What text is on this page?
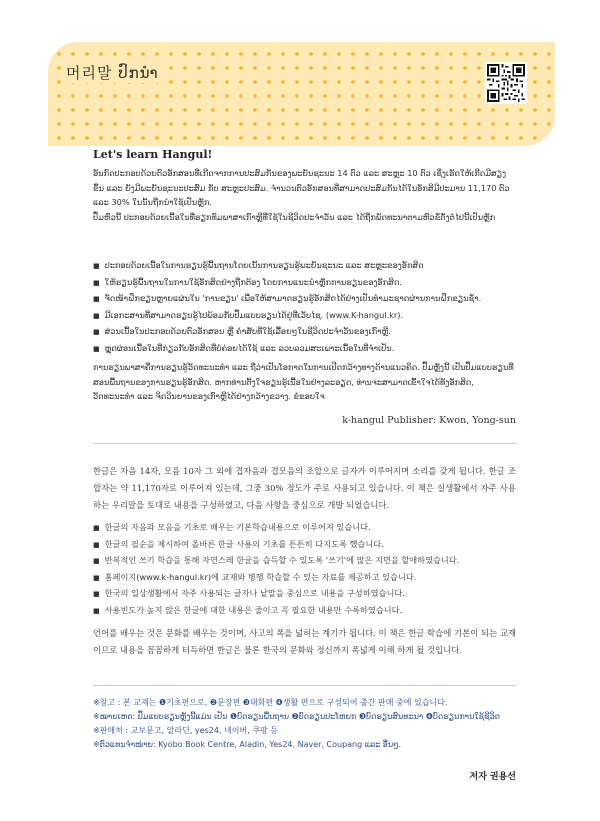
머리말 ປົກນຳ
Let's learn Hangul!

ອັນກົດປະກອບດ້ວຍຕົວອັກສອນທີ່ເກີດຈາກການປະສົມກັນຂອງພະຍັນຊະນະ 14 ຕົວ ແລະ ສະຫຼະ 10 ຕົວ ເຊິ່ງເຮັດໃຫ້ເກີດມີສຽງຂຶ້ນ ແລະ ຍັງມີພະຍັນຊະນະປະສົມ ກັບ ສະຫຼະປະສົມ. ຈຳນວນຕົວອັກສອນທີ່ສາມາດປະສົມກັນໄດ້ໃນອັກສິມີປະມານ 11,170 ຕົວ ແລະ 30% ໃນນັ້ນຖືກນຳໃຊ້ເປັນຫຼັກ.

ປຶ້ມຫົວນີ້ ປະກອບດ້ວຍເນື້ອໃນທີ່ຮຽກທົມພາສາເກົາຫຼີທີ່ໃຊ້ໃນຊີວິດປະຈຳວັນ ແລະ ໄດ້ຖືກພັດທະນາຕາມຫົວຂໍ້ດັ່ງຕໍ່ໄປນີ້ເປັນຫຼັກ

■ ປະກອບດ້ວຍເນື້ອໃນການຮຽນຮູ້ພື້ນຖານໂດຍເນັ້ນການຮຽນຮູ້ພະຍັນຊະນະ ແລະ ສະຫຼະຂອງອັກສິດ
■ ໃຫ້ຮຽນຮູ້ພື້ນຖານໃນການໃຊ້ອັກສິດຢ່າງຖືກຕ້ອງ ໂດຍການແນະນຳຫຼັກການຮຽນຂອງອັກສິດ.
■ ຈັດໜ້າຝຶກຂຽນຫຼາຍແຜ່ນໃນ 'ການຂຽນ' ເພື່ອໃຫ້ສາມາດຮຽນຮູ້ອັກສິດໄດ້ຢ່າງເປັນທຳມະຊາດຜ່ານການຝຶກຂຽນຊ້ຳ.
■ ມີເອກະສານທີ່ສາມາດຮຽນຮູ້ໄປພ້ອມກັບປຶ້ມແບບຮຽນໄດ້ຢູ່ທີ່ເວັບໄຊ. (www.K-hangul.kr).
■ ສ່ວນເນື້ອໃນປະກອບດ້ວຍຕົວອັກສອນ ຫຼື ຄຳສັບທີ່ໃຊ້ເລື້ອຍໆໃນຊີວິດປະຈຳວັນຂອງເກົາຫຼີ.
■ ຫຼຸດຜ່ອນເນື້ອໃນທີ່ກ່ຽວກັບອັກສິດທີ່ບໍ່ຄ່ອຍໄດ້ໃຊ້ ແລະ ລວບລວມສະເພາະເນື້ອໃນທີ່ຈຳເປັນ.

ການຮຽນພາສາຄືການຮຽນຮູ້ວັດທະນະທຳ ແລະ ຖືວ່າເປັນໂອກາດໃນການເປີດກວ້າງທາງດ້ານແນວຄິດ. ປຶ້ມຫຼັງນີ້ ເປັນປຶ້ມແບບຮຽນທີ່ສອນພື້ນຖານຂອງການຮຽນຮູ້ອັກສິດ. ຫາກທ່ານຕັ້ງໃຈຮຽນຮູ້ເນື້ອໃນຢ່າງລະອຽດ, ທ່ານຈະສາມາດເຂົ້າໃຈໄດ້ທັງອັກສິດ, ວັດທະນະທຳ ແລະ ຈິດວິນຍານຂອງເກົາຫຼີໄດ້ຢ່າງກວ້າງຂວາງ. ຂໍຂອບໃຈ

k-hangul Publisher: Kwon, Yong-sun

한글은 자음 14자, 모음 10자 그 외에 겹자음과 겹모음의 조합으로 글자가 이루어지며 소리를 갖게 됩니다. 한글 조합자는 약 11,170자로 이루어져 있는데, 그중 30% 정도가 주로 사용되고 있습니다. 이 책은 실생활에서 자주 사용하는 우리말을 토대로 내용을 구성하였고, 다음 사항을 중심으로 개발 되었습니다.

■ 한글의 자음과 모음을 기초로 배우는 기본학습내용으로 이루어져 있습니다.
■ 한글의 필순을 제시하여 올바른 한글 사용의 기초를 튼튼히 다지도록 했습니다.
■ 반복적인 쓰기 학습을 통해 자연스레 한글을 습득할 수 있도록 '쓰기'에 많은 지면을 할애하였습니다.
■ 홈페이지(www.k-hangul.kr)에 교재와 병행 학습할 수 있는 자료를 제공하고 있습니다.
■ 한국의 일상생활에서 자주 사용되는 글자나 낱말을 중심으로 내용을 구성하였습니다.
■ 사용빈도가 높지 않은 한글에 대한 내용은 줄이고 꼭 필요한 내용만 수록하였습니다.

언어를 배우는 것은 문화를 배우는 것이며, 사고의 폭을 넓히는 계기가 됩니다. 이 책은 한글 학습에 기본이 되는 교재이므로 내용을 꼼꼼하게 터득하면 한글은 물론 한국의 문화와 정신까지 폭넓게 이해 하게 될 것입니다.

※참고 : 본 교재는 ❶기초편으로, ❷문장편 ❸대화편 ❹생활 편으로 구성되어 출간 판매 중에 있습니다.
※ໝາຍເຫດ: ປຶ້ມແບບຮຽນຫຼັງນີ້ແມ່ນ ເປັນ ❶ບົດຮຽນພື້ນຖານ ❷ບົດຮຽນປະໂຫຍກ ❸ບົດຮຽນສົນທະນາ ❹ບົດຮຽນການໃຊ້ຊີວິດ
※판매처 : 교보문고, 알라딘, yes24, 네이버, 쿠팡 등
※ຕົວແທນຈຳໜ່າຍ: Kyobo Book Centre, Aladin, Yes24, Naver, Coupang ແລະ ອື່ນໆ.
저자 권용선
